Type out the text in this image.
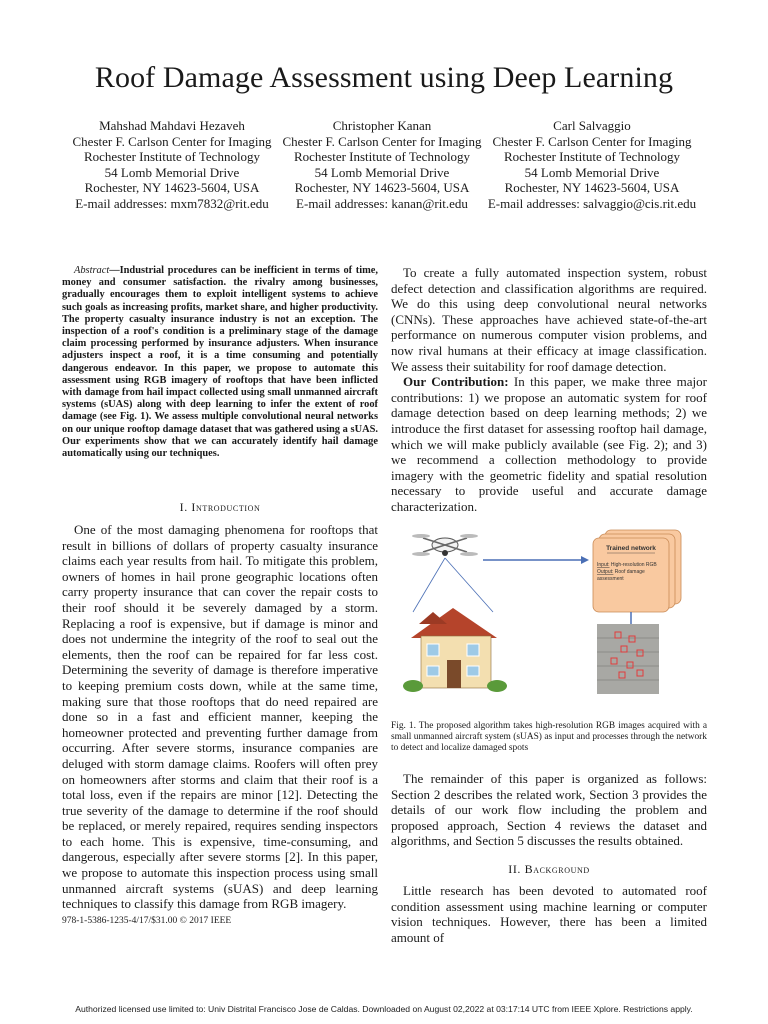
Roof Damage Assessment using Deep Learning
Mahshad Mahdavi Hezaveh
Chester F. Carlson Center for Imaging
Rochester Institute of Technology
54 Lomb Memorial Drive
Rochester, NY 14623-5604, USA
E-mail addresses: mxm7832@rit.edu
Christopher Kanan
Chester F. Carlson Center for Imaging
Rochester Institute of Technology
54 Lomb Memorial Drive
Rochester, NY 14623-5604, USA
E-mail addresses: kanan@rit.edu
Carl Salvaggio
Chester F. Carlson Center for Imaging
Rochester Institute of Technology
54 Lomb Memorial Drive
Rochester, NY 14623-5604, USA
E-mail addresses: salvaggio@cis.rit.edu
Abstract—Industrial procedures can be inefficient in terms of time, money and consumer satisfaction. the rivalry among businesses, gradually encourages them to exploit intelligent systems to achieve such goals as increasing profits, market share, and higher productivity. The property casualty insurance industry is not an exception. The inspection of a roof's condition is a preliminary stage of the damage claim processing performed by insurance adjusters. When insurance adjusters inspect a roof, it is a time consuming and potentially dangerous endeavor. In this paper, we propose to automate this assessment using RGB imagery of rooftops that have been inflicted with damage from hail impact collected using small unmanned aircraft systems (sUAS) along with deep learning to infer the extent of roof damage (see Fig. 1). We assess multiple convolutional neural networks on our unique rooftop damage dataset that was gathered using a sUAS. Our experiments show that we can accurately identify hail damage automatically using our techniques.
I. Introduction

One of the most damaging phenomena for rooftops that result in billions of dollars of property casualty insurance claims each year results from hail. To mitigate this problem, owners of homes in hail prone geographic locations often carry property insurance that can cover the repair costs to their roof should it be severely damaged by a storm. Replacing a roof is expensive, but if damage is minor and does not undermine the integrity of the roof to seal out the elements, then the roof can be repaired for far less cost. Determining the severity of damage is therefore imperative to keeping premium costs down, while at the same time, making sure that those rooftops that do need repaired are done so in a fast and efficient manner, keeping the homeowner protected and preventing further damage from occurring. After severe storms, insurance companies are deluged with storm damage claims. Roofers will often prey on homeowners after storms and claim that their roof is a total loss, even if the repairs are minor [12]. Detecting the true severity of the damage to determine if the roof should be replaced, or merely repaired, requires sending inspectors to each home. This is expensive, time-consuming, and dangerous, especially after severe storms [2]. In this paper, we propose to automate this inspection process using small unmanned aircraft systems (sUAS) and deep learning techniques to classify this damage from RGB imagery.

978-1-5386-1235-4/17/$31.00 © 2017 IEEE

To create a fully automated inspection system, robust defect detection and classification algorithms are required. We do this using deep convolutional neural networks (CNNs). These approaches have achieved state-of-the-art performance on numerous computer vision problems, and now rival humans at their efficacy at image classification. We assess their suitability for roof damage detection.

Our Contribution: In this paper, we make three major contributions: 1) we propose an automatic system for roof damage detection based on deep learning methods; 2) we introduce the first dataset for assessing rooftop hail damage, which we will make publicly available (see Fig. 2); and 3) we recommend a collection methodology to provide imagery with the geometric fidelity and spatial resolution necessary to provide useful and accurate damage characterization.

Trained network
Input: High-resolution RGB
Output: Roof damage
assessment
Fig. 1. The proposed algorithm takes high-resolution RGB images acquired with a small unmanned aircraft system (sUAS) as input and processes through the network to detect and localize damaged spots

The remainder of this paper is organized as follows: Section 2 describes the related work, Section 3 provides the details of our work flow including the problem and proposed approach, Section 4 reviews the dataset and algorithms, and Section 5 discusses the results obtained.

II. Background

Little research has been devoted to automated roof condition assessment using machine learning or computer vision techniques. However, there has been a limited amount of

Authorized licensed use limited to: Univ Distrital Francisco Jose de Caldas. Downloaded on August 02,2022 at 03:17:14 UTC from IEEE Xplore. Restrictions apply.
